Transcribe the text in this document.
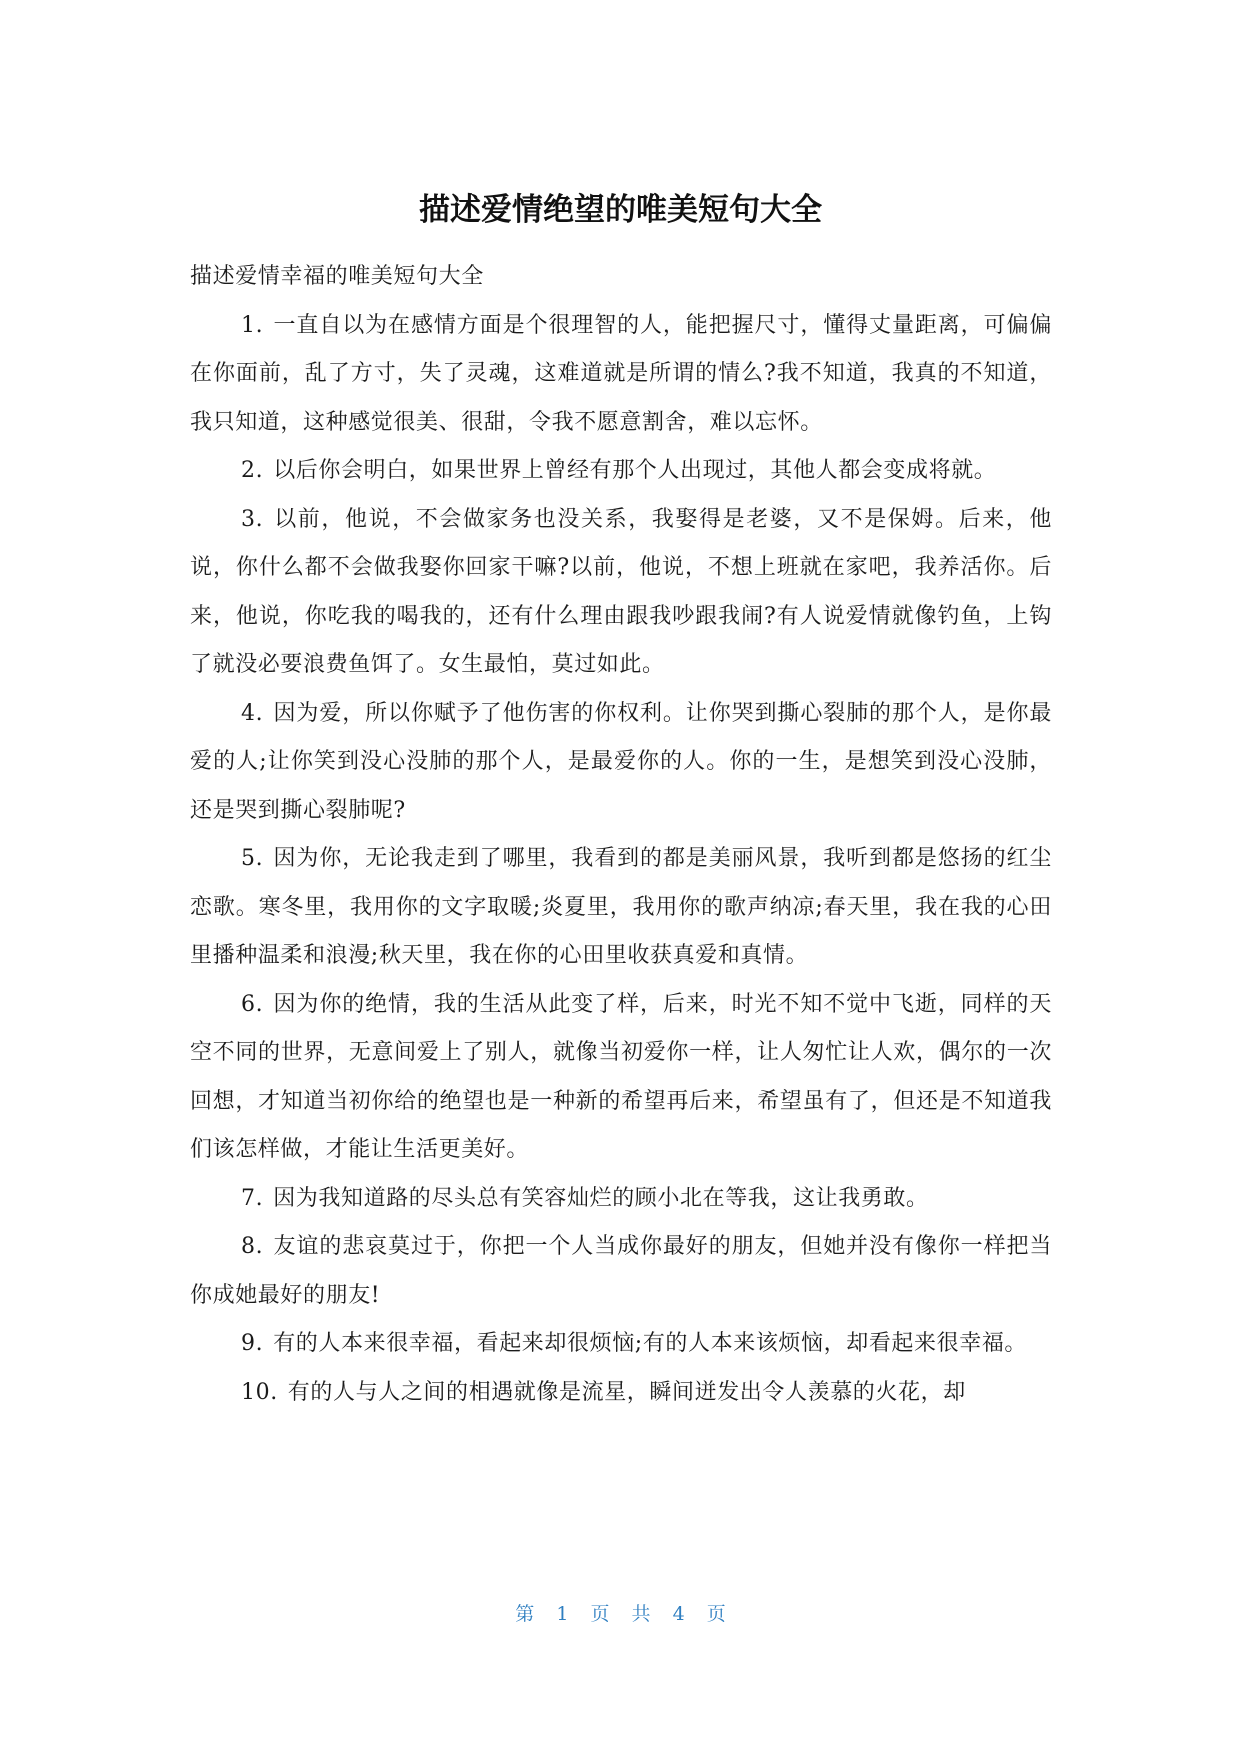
描述爱情绝望的唯美短句大全

描述爱情幸福的唯美短句大全

1. 一直自以为在感情方面是个很理智的人，能把握尺寸，懂得丈量距离，可偏偏在你面前，乱了方寸，失了灵魂，这难道就是所谓的情么?我不知道，我真的不知道，我只知道，这种感觉很美、很甜，令我不愿意割舍，难以忘怀。

2. 以后你会明白，如果世界上曾经有那个人出现过，其他人都会变成将就。

3. 以前，他说，不会做家务也没关系，我娶得是老婆，又不是保姆。后来，他说，你什么都不会做我娶你回家干嘛?以前，他说，不想上班就在家吧，我养活你。后来，他说，你吃我的喝我的，还有什么理由跟我吵跟我闹?有人说爱情就像钓鱼，上钩了就没必要浪费鱼饵了。女生最怕，莫过如此。

4. 因为爱，所以你赋予了他伤害的你权利。让你哭到撕心裂肺的那个人，是你最爱的人;让你笑到没心没肺的那个人，是最爱你的人。你的一生，是想笑到没心没肺，还是哭到撕心裂肺呢?

5. 因为你，无论我走到了哪里，我看到的都是美丽风景，我听到都是悠扬的红尘恋歌。寒冬里，我用你的文字取暖;炎夏里，我用你的歌声纳凉;春天里，我在我的心田里播种温柔和浪漫;秋天里，我在你的心田里收获真爱和真情。

6. 因为你的绝情，我的生活从此变了样，后来，时光不知不觉中飞逝，同样的天空不同的世界，无意间爱上了别人，就像当初爱你一样，让人匆忙让人欢，偶尔的一次回想，才知道当初你给的绝望也是一种新的希望再后来，希望虽有了，但还是不知道我们该怎样做，才能让生活更美好。

7. 因为我知道路的尽头总有笑容灿烂的顾小北在等我，这让我勇敢。

8. 友谊的悲哀莫过于，你把一个人当成你最好的朋友，但她并没有像你一样把当你成她最好的朋友!

9. 有的人本来很幸福，看起来却很烦恼;有的人本来该烦恼，却看起来很幸福。

10. 有的人与人之间的相遇就像是流星，瞬间迸发出令人羡慕的火花，却

第 1 页 共 4 页
